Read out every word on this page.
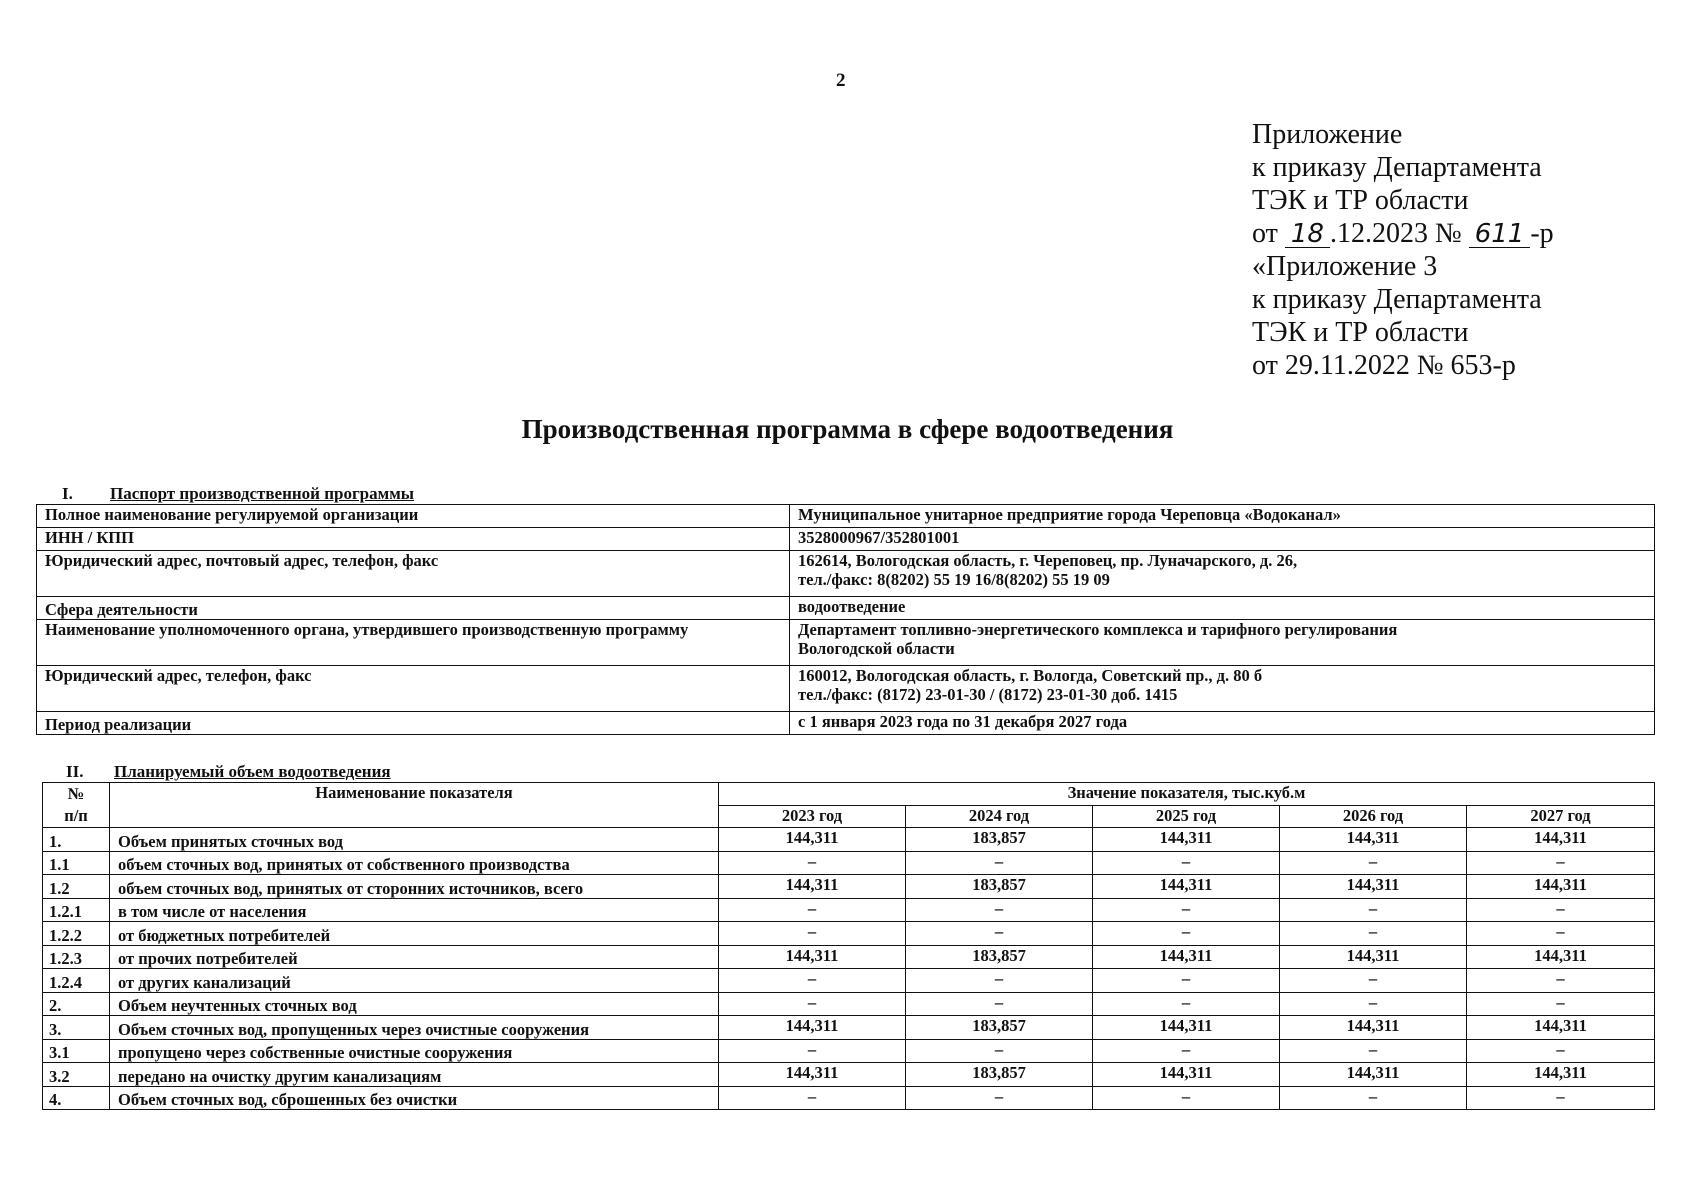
2
Приложение
к приказу Департамента
ТЭК и ТР области
от 18 .12.2023 № 611 -р
«Приложение 3
к приказу Департамента
ТЭК и ТР области
от 29.11.2022 № 653-р
Производственная программа в сфере водоотведения
I. Паспорт производственной программы
Полное наименование регулируемой организации	Муниципальное унитарное предприятие города Череповца «Водоканал»

ИНН / КПП	3528000967/352801001

Юридический адрес, почтовый адрес, телефон, факс	162614, Вологодская область, г. Череповец, пр. Луначарского, д. 26,
тел./факс: 8(8202) 55 19 16/8(8202) 55 19 09

Сфера деятельности	водоотведение

Наименование уполномоченного органа, утвердившего производственную программу	Департамент топливно-энергетического комплекса и тарифного регулирования
Вологодской области

Юридический адрес, телефон, факс	160012, Вологодская область, г. Вологда, Советский пр., д. 80 б
тел./факс: (8172) 23-01-30 / (8172) 23-01-30 доб. 1415

Период реализации	с 1 января 2023 года по 31 декабря 2027 года
II. Планируемый объем водоотведения
№
п/п	Наименование показателя	Значение показателя, тыс.куб.м				
		2023 год	2024 год	2025 год	2026 год	2027 год
1.	Объем принятых сточных вод	144,311	183,857	144,311	144,311	144,311
1.1	объем сточных вод, принятых от собственного производства	–	–	–	–	–
1.2	объем сточных вод, принятых от сторонних источников, всего	144,311	183,857	144,311	144,311	144,311
1.2.1	в том числе от населения	–	–	–	–	–
1.2.2	от бюджетных потребителей	–	–	–	–	–
1.2.3	от прочих потребителей	144,311	183,857	144,311	144,311	144,311
1.2.4	от других канализаций	–	–	–	–	–
2.	Объем неучтенных сточных вод	–	–	–	–	–
3.	Объем сточных вод, пропущенных через очистные сооружения	144,311	183,857	144,311	144,311	144,311
3.1	пропущено через собственные очистные сооружения	–	–	–	–	–
3.2	передано на очистку другим канализациям	144,311	183,857	144,311	144,311	144,311
4.	Объем сточных вод, сброшенных без очистки	–	–	–	–	–
